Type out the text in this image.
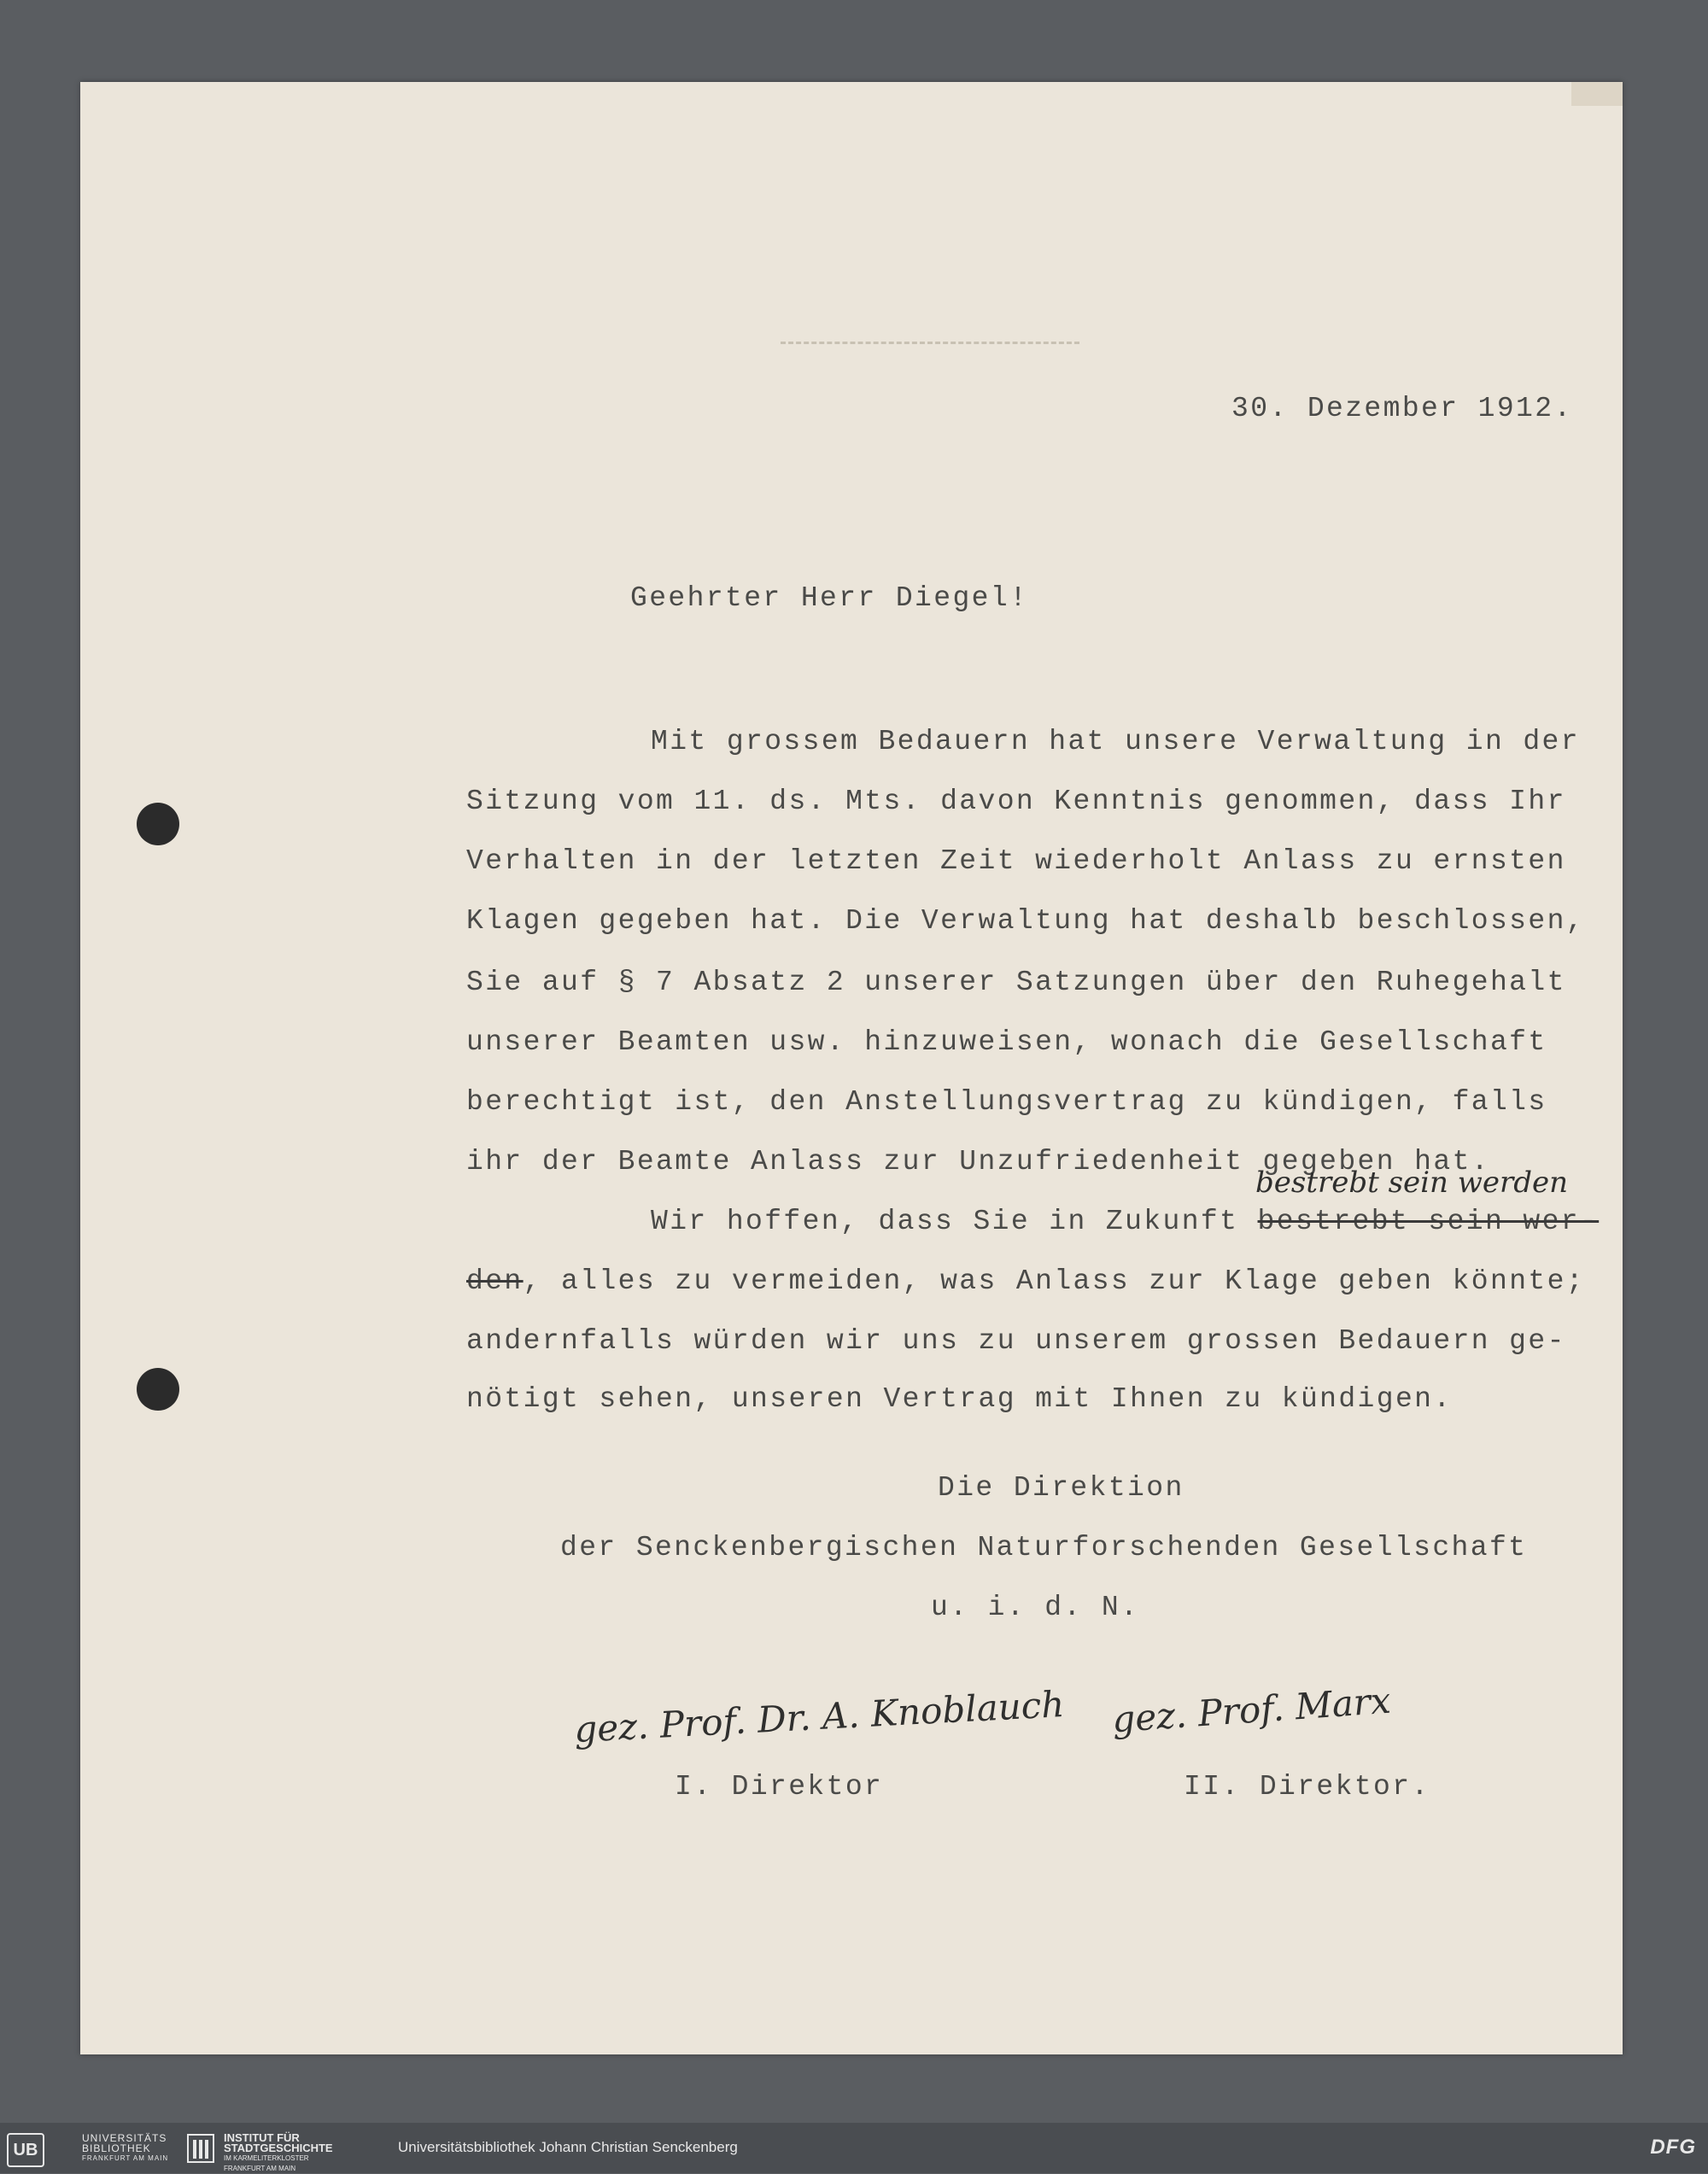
30. Dezember 1912.
Geehrter Herr Diegel!
Mit grossem Bedauern hat unsere Verwaltung in der
Sitzung vom 11. ds. Mts. davon Kenntnis genommen, dass Ihr
Verhalten in der letzten Zeit wiederholt Anlass zu ernsten
Klagen gegeben hat. Die Verwaltung hat deshalb beschlossen,
Sie auf § 7 Absatz 2 unserer Satzungen über den Ruhegehalt
unserer Beamten usw. hinzuweisen, wonach die Gesellschaft
berechtigt ist, den Anstellungsvertrag zu kündigen, falls
ihr der Beamte Anlass zur Unzufriedenheit gegeben hat.
bestrebt sein werden
Wir hoffen, dass Sie in Zukunft bestrebt sein wer-
den, alles zu vermeiden, was Anlass zur Klage geben könnte;
andernfalls würden wir uns zu unserem grossen Bedauern ge-
nötigt sehen, unseren Vertrag mit Ihnen zu kündigen.
Die Direktion
der Senckenbergischen Naturforschenden Gesellschaft
u. i. d. N.
gez. Prof. Dr. A. Knoblauch gez. Prof. Marx
I. Direktor	II. Direktor.
UB
UNIVERSITÄTS
BIBLIOTHEK
FRANKFURT AM MAIN
INSTITUT FÜR
STADTGESCHICHTE
IM KARMELITERKLOSTER
FRANKFURT AM MAIN
Universitätsbibliothek Johann Christian Senckenberg	DFG
